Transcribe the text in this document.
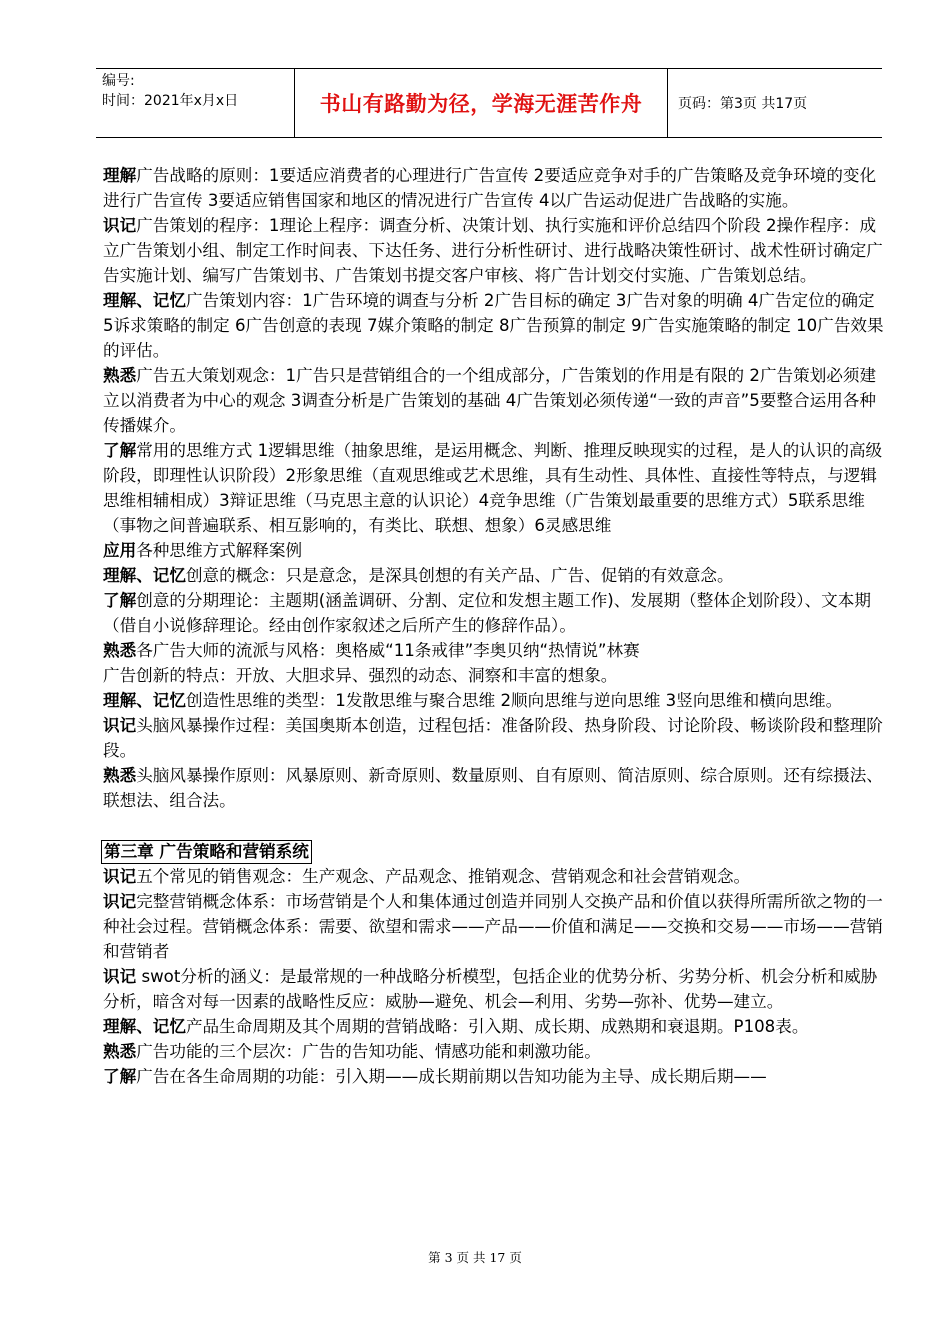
编号:
时间：2021年x月x日	书山有路勤为径，学海无涯苦作舟	页码：第3页 共17页
理解广告战略的原则：1要适应消费者的心理进行广告宣传 2要适应竞争对手的广告策略及竞争环境的变化进行广告宣传 3要适应销售国家和地区的情况进行广告宣传 4以广告运动促进广告战略的实施。
识记广告策划的程序：1理论上程序：调查分析、决策计划、执行实施和评价总结四个阶段 2操作程序：成立广告策划小组、制定工作时间表、下达任务、进行分析性研讨、进行战略决策性研讨、战术性研讨确定广告实施计划、编写广告策划书、广告策划书提交客户审核、将广告计划交付实施、广告策划总结。
理解、记忆广告策划内容：1广告环境的调查与分析 2广告目标的确定 3广告对象的明确 4广告定位的确定 5诉求策略的制定 6广告创意的表现 7媒介策略的制定 8广告预算的制定 9广告实施策略的制定 10广告效果的评估。
熟悉广告五大策划观念：1广告只是营销组合的一个组成部分，广告策划的作用是有限的 2广告策划必须建立以消费者为中心的观念 3调查分析是广告策划的基础 4广告策划必须传递“一致的声音”5要整合运用各种传播媒介。
了解常用的思维方式 1逻辑思维（抽象思维，是运用概念、判断、推理反映现实的过程，是人的认识的高级阶段，即理性认识阶段）2形象思维（直观思维或艺术思维，具有生动性、具体性、直接性等特点，与逻辑思维相辅相成）3辩证思维（马克思主意的认识论）4竞争思维（广告策划最重要的思维方式）5联系思维（事物之间普遍联系、相互影响的，有类比、联想、想象）6灵感思维
应用各种思维方式解释案例
理解、记忆创意的概念：只是意念，是深具创想的有关产品、广告、促销的有效意念。
了解创意的分期理论：主题期(涵盖调研、分割、定位和发想主题工作)、发展期（整体企划阶段）、文本期（借自小说修辞理论。经由创作家叙述之后所产生的修辞作品）。
熟悉各广告大师的流派与风格：奥格威“11条戒律”李奥贝纳“热情说”林赛
广告创新的特点：开放、大胆求异、强烈的动态、洞察和丰富的想象。
理解、记忆创造性思维的类型：1发散思维与聚合思维 2顺向思维与逆向思维 3竖向思维和横向思维。
识记头脑风暴操作过程：美国奥斯本创造，过程包括：准备阶段、热身阶段、讨论阶段、畅谈阶段和整理阶段。
熟悉头脑风暴操作原则：风暴原则、新奇原则、数量原则、自有原则、简洁原则、综合原则。还有综摄法、联想法、组合法。
第三章 广告策略和营销系统
识记五个常见的销售观念：生产观念、产品观念、推销观念、营销观念和社会营销观念。
识记完整营销概念体系：市场营销是个人和集体通过创造并同别人交换产品和价值以获得所需所欲之物的一种社会过程。营销概念体系：需要、欲望和需求——产品——价值和满足——交换和交易——市场——营销和营销者
识记 swot分析的涵义：是最常规的一种战略分析模型，包括企业的优势分析、劣势分析、机会分析和威胁分析，暗含对每一因素的战略性反应：威胁—避免、机会—利用、劣势—弥补、优势—建立。
理解、记忆产品生命周期及其个周期的营销战略：引入期、成长期、成熟期和衰退期。P108表。
熟悉广告功能的三个层次：广告的告知功能、情感功能和刺激功能。
了解广告在各生命周期的功能：引入期——成长期前期以告知功能为主导、成长期后期——
第 3 页 共 17 页
